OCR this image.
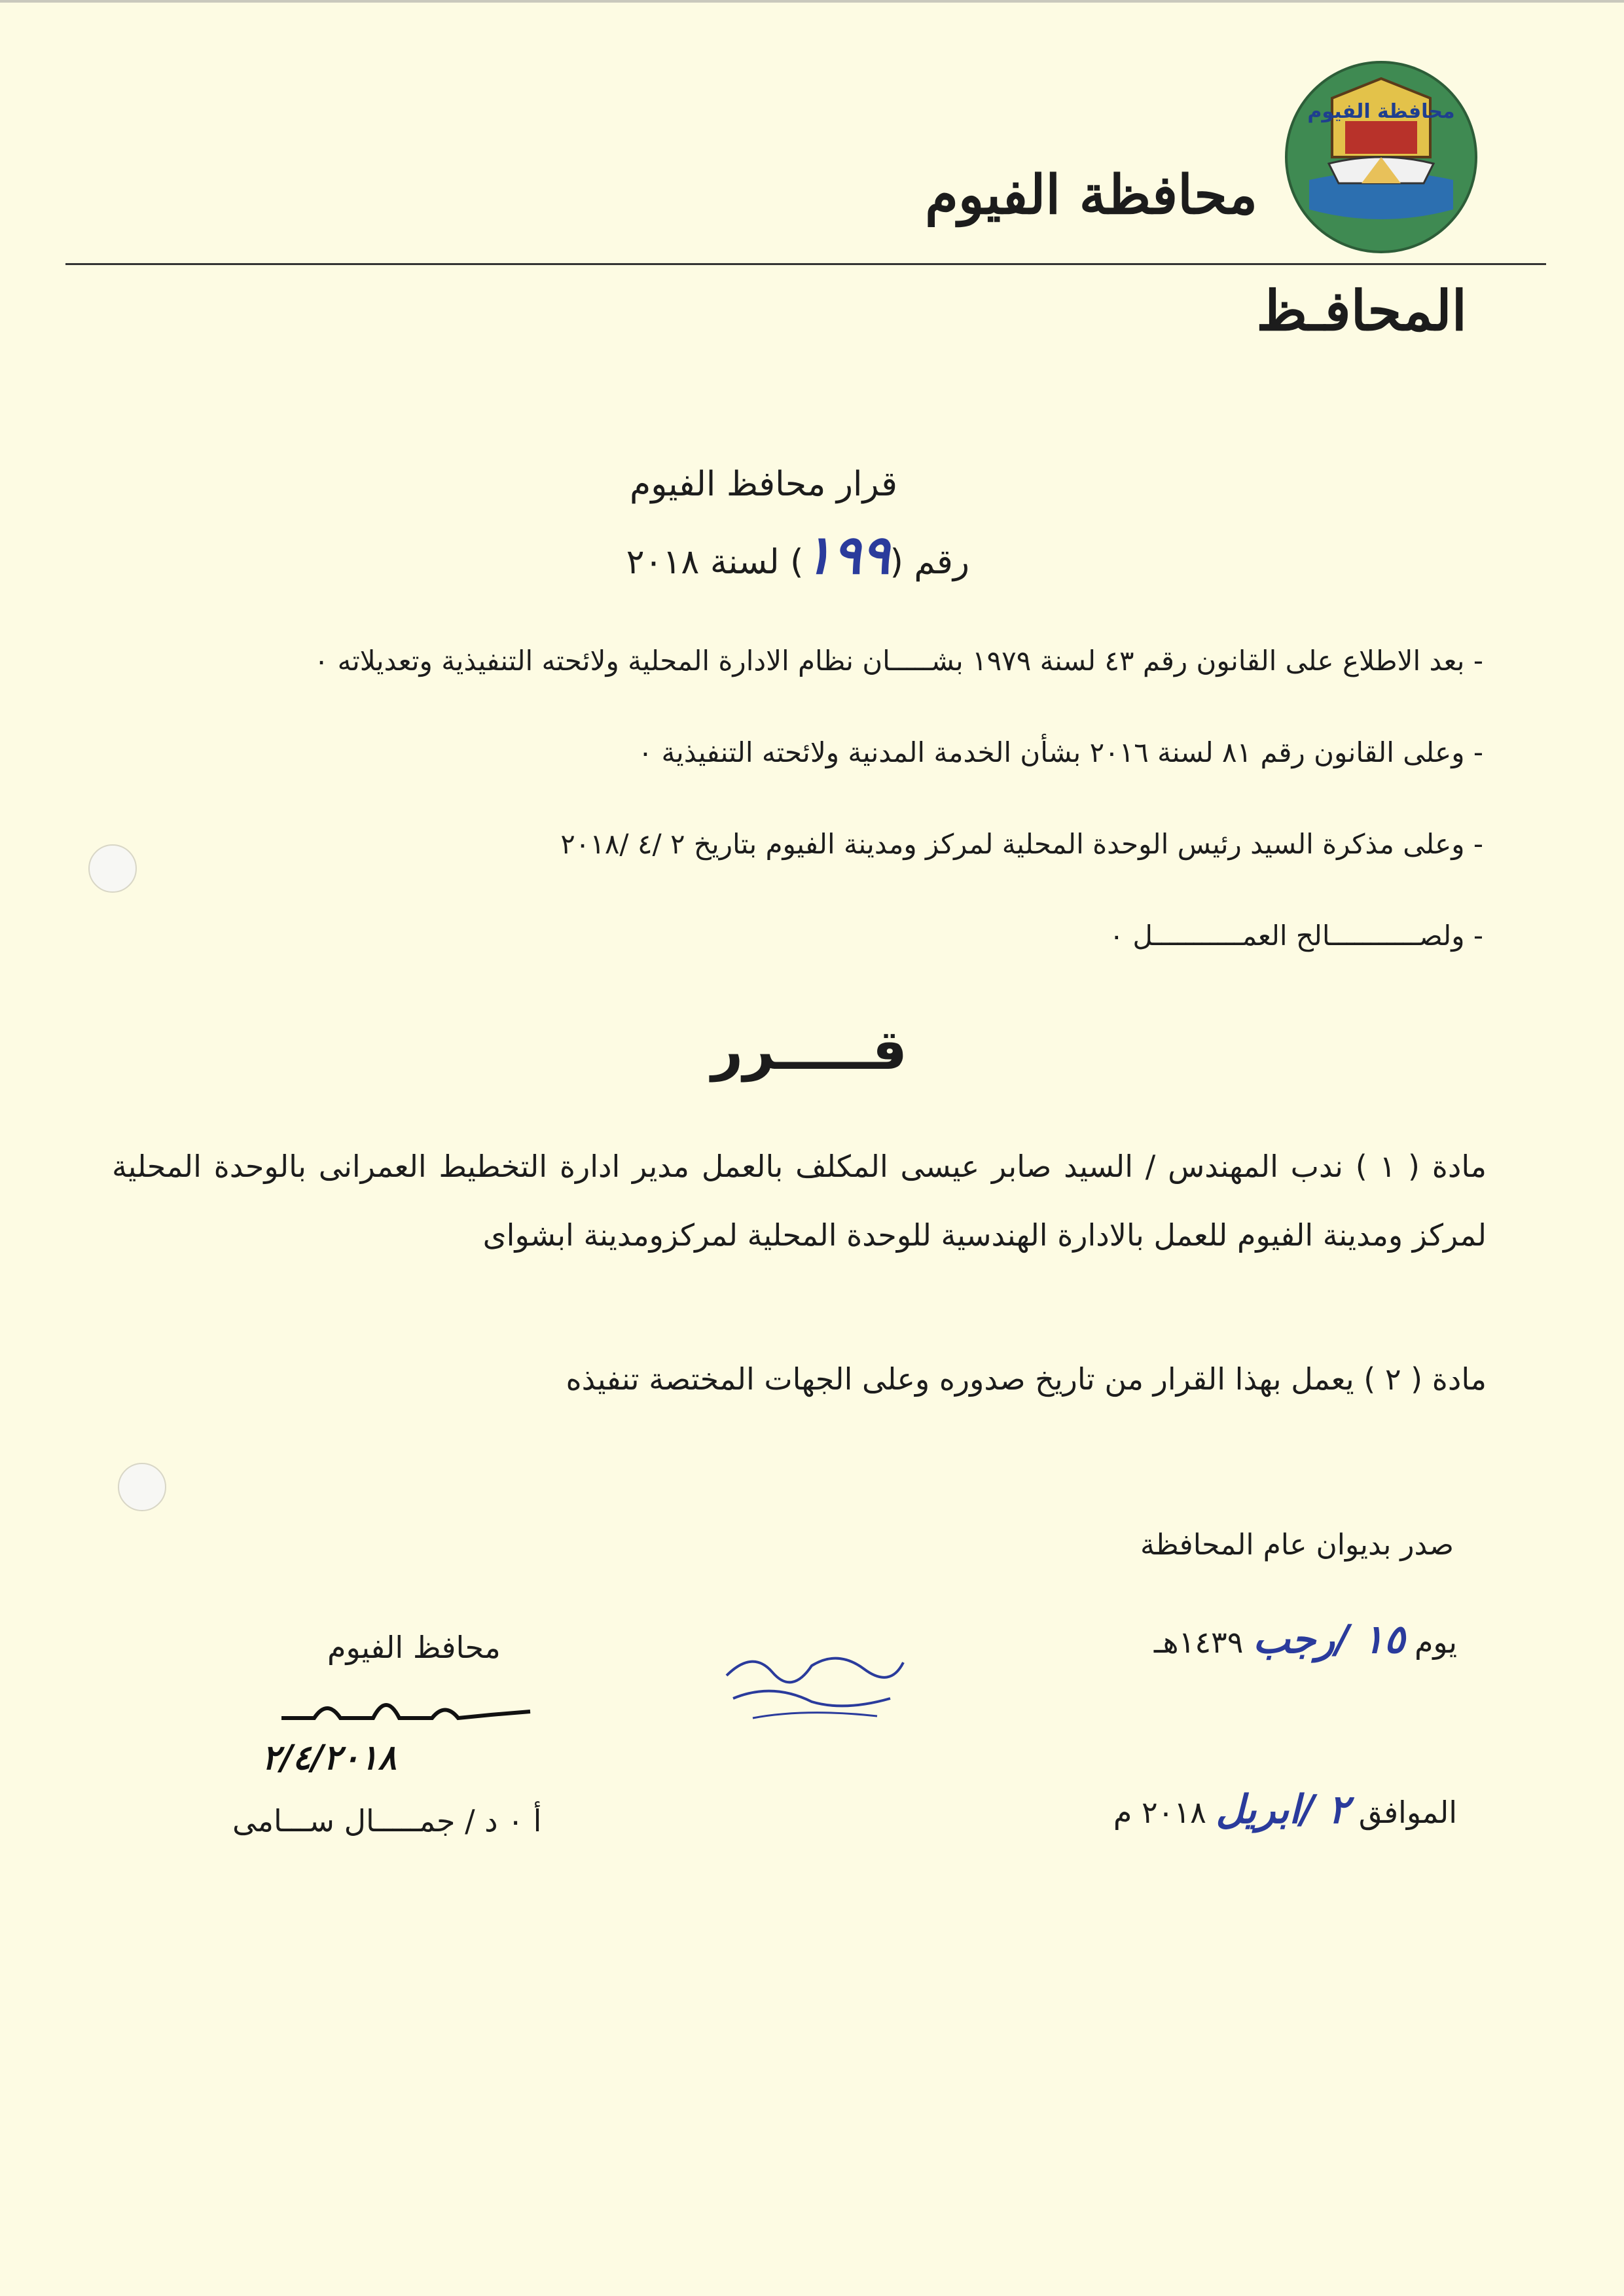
محافظة الفيوم
محافظة الفيوم
المحافـظ
قرار محافظ الفيوم
رقم (١٩٩) لسنة ٢٠١٨
- بعد الاطلاع على القانون رقم ٤٣ لسنة ١٩٧٩ بشـــــان نظام الادارة المحلية ولائحته التنفيذية وتعديلاته ٠
- وعلى القانون رقم ٨١ لسنة ٢٠١٦ بشأن الخدمة المدنية ولائحته التنفيذية ٠
- وعلى مذكرة السيد رئيس الوحدة المحلية لمركز ومدينة الفيوم بتاريخ ٢ /٤ /٢٠١٨
- ولصـــــــــــالح العمـــــــــــل ٠
قـــــرر
مادة ( ١ ) ندب المهندس / السيد صابر عيسى المكلف بالعمل مدير ادارة التخطيط العمرانى بالوحدة المحلية لمركز ومدينة الفيوم للعمل بالادارة الهندسية للوحدة المحلية لمركزومدينة ابشواى
مادة ( ٢ ) يعمل بهذا القرار من تاريخ صدوره وعلى الجهات المختصة تنفيذه
صدر بديوان عام المحافظة
يوم ١٥ /رجب ١٤٣٩هـ
الموافق ٢ /ابريل ٢٠١٨ م
محافظ الفيوم
٢/٤/٢٠١٨
أ ٠ د / جمـــــال ســـامى
